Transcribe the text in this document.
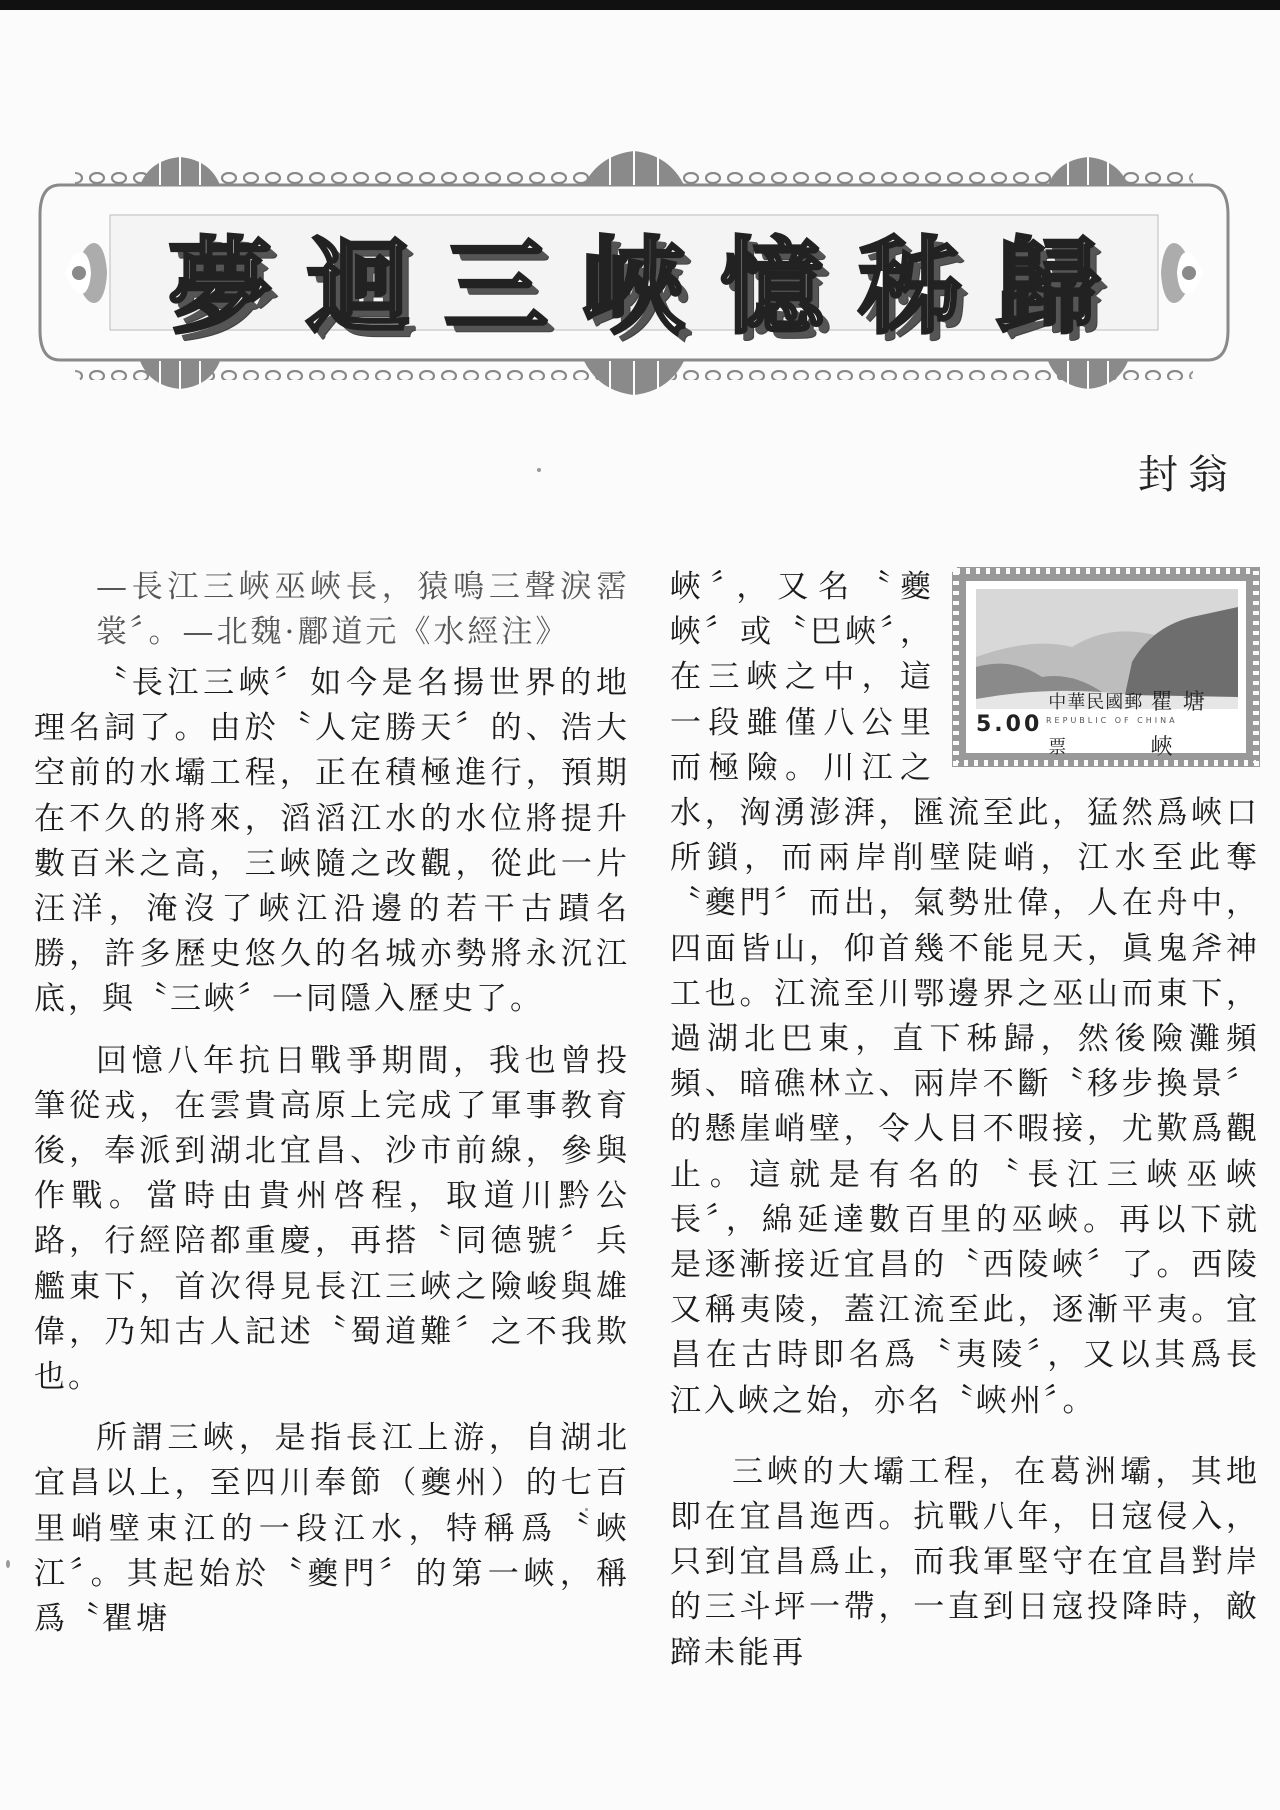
夢迴三峽憶秭歸
封翁

—長江三峽巫峽長，猿鳴三聲淚霑裳〞。—北魏·酈道元《水經注》

〝長江三峽〞如今是名揚世界的地理名詞了。由於〝人定勝天〞的、浩大空前的水壩工程，正在積極進行，預期在不久的將來，滔滔江水的水位將提升數百米之高，三峽隨之改觀，從此一片汪洋，淹沒了峽江沿邊的若干古蹟名勝，許多歷史悠久的名城亦勢將永沉江底，與〝三峽〞一同隱入歷史了。

回憶八年抗日戰爭期間，我也曾投筆從戎，在雲貴高原上完成了軍事教育後，奉派到湖北宜昌、沙市前線，參與作戰。當時由貴州啓程，取道川黔公路，行經陪都重慶，再搭〝同德號〞兵艦東下，首次得見長江三峽之險峻與雄偉，乃知古人記述〝蜀道難〞之不我欺也。

所謂三峽，是指長江上游，自湖北宜昌以上，至四川奉節（夔州）的七百里峭壁束江的一段江水，特稱爲〝峽江〞。其起始於〝夔門〞的第一峽，稱爲〝瞿塘

5.00
中華民國郵票
瞿塘峽
REPUBLIC OF CHINA

峽〞，又名〝夔峽〞或〝巴峽〞，在三峽之中，這一段雖僅八公里而極險。川江之水，洶湧澎湃，匯流至此，猛然爲峽口所鎖，而兩岸削壁陡峭，江水至此奪〝夔門〞而出，氣勢壯偉，人在舟中，四面皆山，仰首幾不能見天，眞鬼斧神工也。江流至川鄂邊界之巫山而東下，過湖北巴東，直下秭歸，然後險灘頻頻、暗礁林立、兩岸不斷〝移步換景〞的懸崖峭壁，令人目不暇接，尤歎爲觀止。這就是有名的〝長江三峽巫峽長〞，綿延達數百里的巫峽。再以下就是逐漸接近宜昌的〝西陵峽〞了。西陵又稱夷陵，蓋江流至此，逐漸平夷。宜昌在古時即名爲〝夷陵〞，又以其爲長江入峽之始，亦名〝峽州〞。

三峽的大壩工程，在葛洲壩，其地即在宜昌迤西。抗戰八年，日寇侵入，只到宜昌爲止，而我軍堅守在宜昌對岸的三斗坪一帶，一直到日寇投降時，敵蹄未能再
